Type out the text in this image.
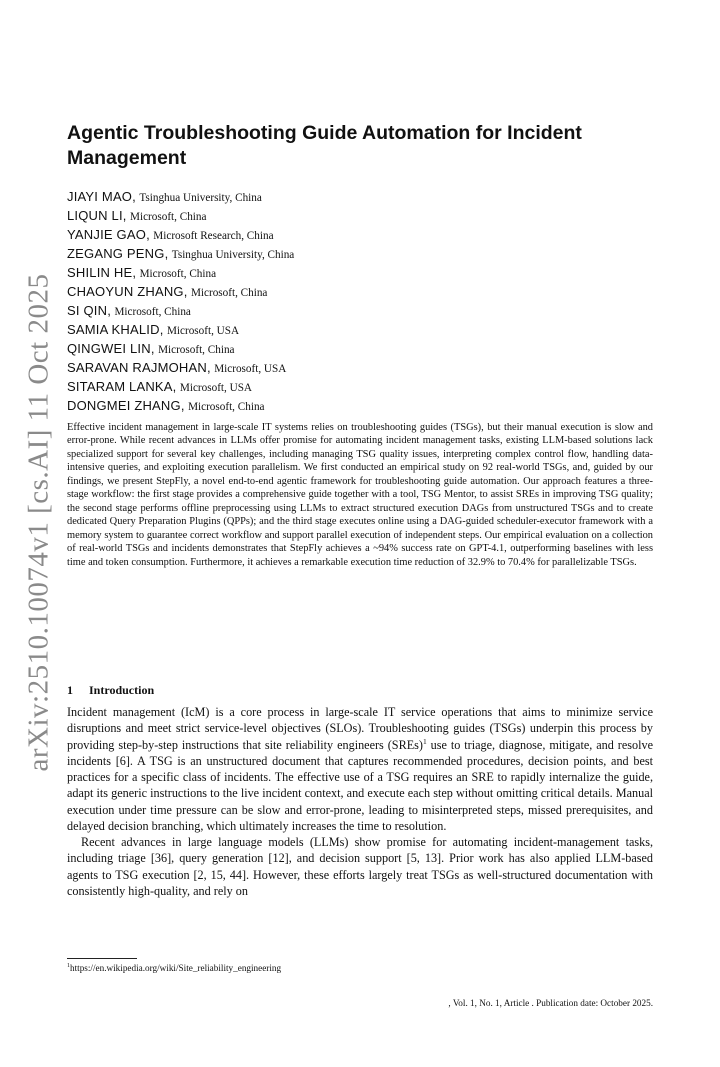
arXiv:2510.10074v1 [cs.AI] 11 Oct 2025
Agentic Troubleshooting Guide Automation for Incident Management
JIAYI MAO, Tsinghua University, China
LIQUN LI, Microsoft, China
YANJIE GAO, Microsoft Research, China
ZEGANG PENG, Tsinghua University, China
SHILIN HE, Microsoft, China
CHAOYUN ZHANG, Microsoft, China
SI QIN, Microsoft, China
SAMIA KHALID, Microsoft, USA
QINGWEI LIN, Microsoft, China
SARAVAN RAJMOHAN, Microsoft, USA
SITARAM LANKA, Microsoft, USA
DONGMEI ZHANG, Microsoft, China

Effective incident management in large-scale IT systems relies on troubleshooting guides (TSGs), but their manual execution is slow and error-prone. While recent advances in LLMs offer promise for automating incident management tasks, existing LLM-based solutions lack specialized support for several key challenges, including managing TSG quality issues, interpreting complex control flow, handling data-intensive queries, and exploiting execution parallelism. We first conducted an empirical study on 92 real-world TSGs, and, guided by our findings, we present StepFly, a novel end-to-end agentic framework for troubleshooting guide automation. Our approach features a three-stage workflow: the first stage provides a comprehensive guide together with a tool, TSG Mentor, to assist SREs in improving TSG quality; the second stage performs offline preprocessing using LLMs to extract structured execution DAGs from unstructured TSGs and to create dedicated Query Preparation Plugins (QPPs); and the third stage executes online using a DAG-guided scheduler-executor framework with a memory system to guarantee correct workflow and support parallel execution of independent steps. Our empirical evaluation on a collection of real-world TSGs and incidents demonstrates that StepFly achieves a ~94% success rate on GPT-4.1, outperforming baselines with less time and token consumption. Furthermore, it achieves a remarkable execution time reduction of 32.9% to 70.4% for parallelizable TSGs.

1 Introduction

Incident management (IcM) is a core process in large-scale IT service operations that aims to minimize service disruptions and meet strict service-level objectives (SLOs). Troubleshooting guides (TSGs) underpin this process by providing step-by-step instructions that site reliability engineers (SREs)$^1$ use to triage, diagnose, mitigate, and resolve incidents [6]. A TSG is an unstructured document that captures recommended procedures, decision points, and best practices for a specific class of incidents. The effective use of a TSG requires an SRE to rapidly internalize the guide, adapt its generic instructions to the live incident context, and execute each step without omitting critical details. Manual execution under time pressure can be slow and error-prone, leading to misinterpreted steps, missed prerequisites, and delayed decision branching, which ultimately increases the time to resolution.

Recent advances in large language models (LLMs) show promise for automating incident-management tasks, including triage [36], query generation [12], and decision support [5, 13]. Prior work has also applied LLM-based agents to TSG execution [2, 15, 44]. However, these efforts largely treat TSGs as well-structured documentation with consistently high-quality, and rely on

$^1$https://en.wikipedia.org/wiki/Site_reliability_engineering
, Vol. 1, No. 1, Article . Publication date: October 2025.
